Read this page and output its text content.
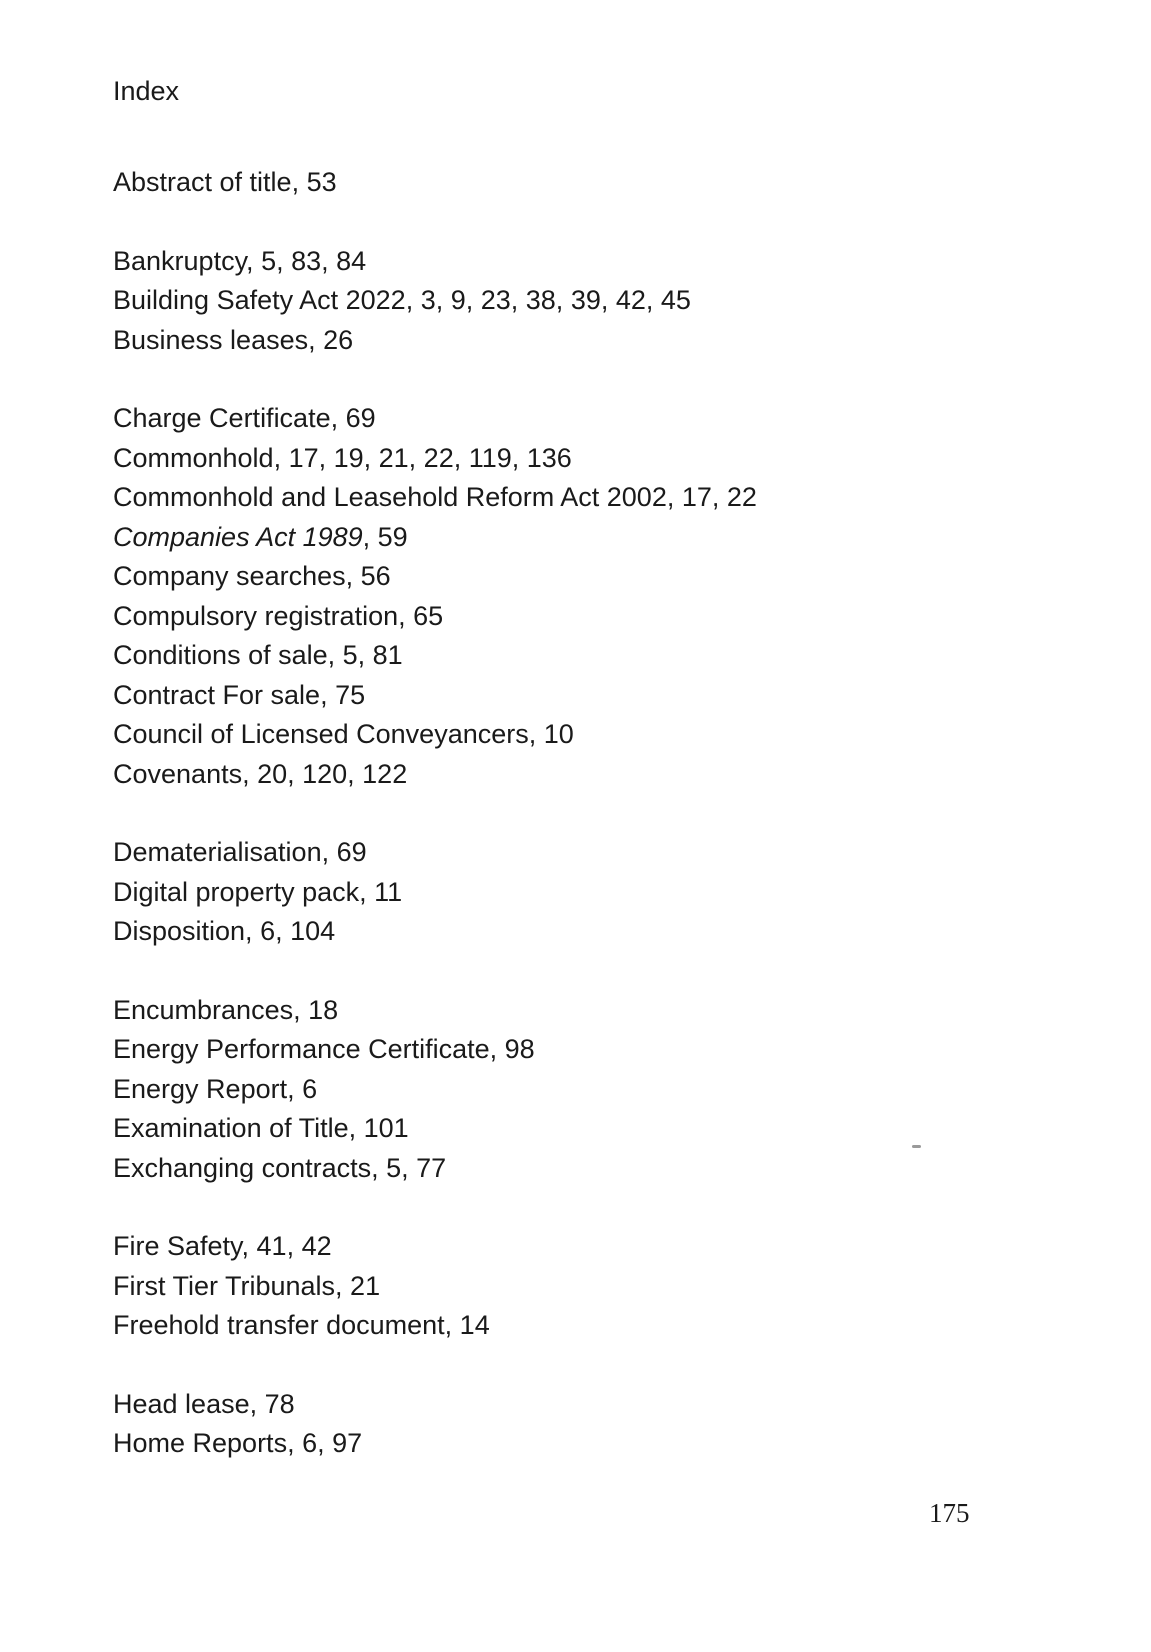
Index
Abstract of title, 53
Bankruptcy, 5, 83, 84
Building Safety Act 2022, 3, 9, 23, 38, 39, 42, 45
Business leases, 26
Charge Certificate, 69
Commonhold, 17, 19, 21, 22, 119, 136
Commonhold and Leasehold Reform Act 2002, 17, 22
Companies Act 1989, 59
Company searches, 56
Compulsory registration, 65
Conditions of sale, 5, 81
Contract For sale, 75
Council of Licensed Conveyancers, 10
Covenants, 20, 120, 122
Dematerialisation, 69
Digital property pack, 11
Disposition, 6, 104
Encumbrances, 18
Energy Performance Certificate, 98
Energy Report, 6
Examination of Title, 101
Exchanging contracts, 5, 77
Fire Safety, 41, 42
First Tier Tribunals, 21
Freehold transfer document, 14
Head lease, 78
Home Reports, 6, 97
175
